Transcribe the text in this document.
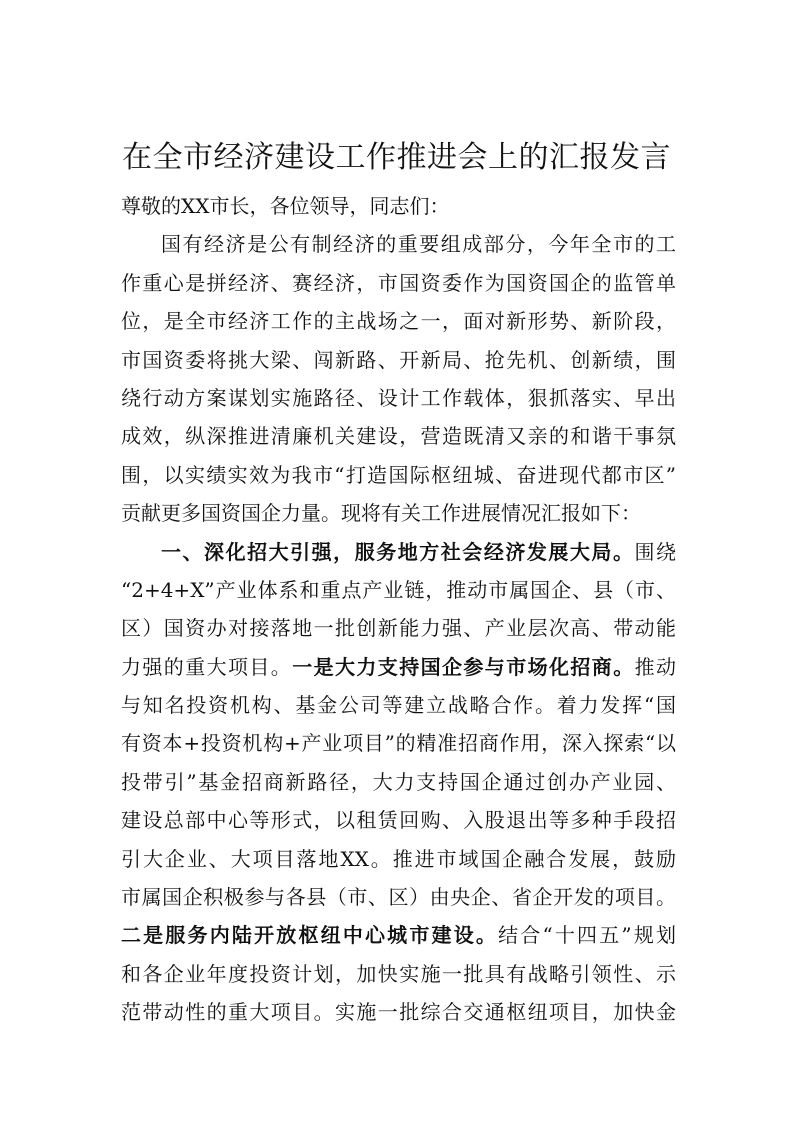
在全市经济建设工作推进会上的汇报发言
尊敬的XX市长，各位领导，同志们：
国有经济是公有制经济的重要组成部分，今年全市的工
作重心是拼经济、赛经济，市国资委作为国资国企的监管单
位，是全市经济工作的主战场之一，面对新形势、新阶段，
市国资委将挑大梁、闯新路、开新局、抢先机、创新绩，围
绕行动方案谋划实施路径、设计工作载体，狠抓落实、早出
成效，纵深推进清廉机关建设，营造既清又亲的和谐干事氛
围，以实绩实效为我市“打造国际枢纽城、奋进现代都市区”
贡献更多国资国企力量。现将有关工作进展情况汇报如下：
一、深化招大引强，服务地方社会经济发展大局。围绕
“2+4+X”产业体系和重点产业链，推动市属国企、县（市、
区）国资办对接落地一批创新能力强、产业层次高、带动能
力强的重大项目。一是大力支持国企参与市场化招商。推动
与知名投资机构、基金公司等建立战略合作。着力发挥“国
有资本+投资机构+产业项目”的精准招商作用，深入探索“以
投带引”基金招商新路径，大力支持国企通过创办产业园、
建设总部中心等形式，以租赁回购、入股退出等多种手段招
引大企业、大项目落地XX。推进市域国企融合发展，鼓励
市属国企积极参与各县（市、区）由央企、省企开发的项目。
二是服务内陆开放枢纽中心城市建设。结合“十四五”规划
和各企业年度投资计划，加快实施一批具有战略引领性、示
范带动性的重大项目。实施一批综合交通枢纽项目，加快金
